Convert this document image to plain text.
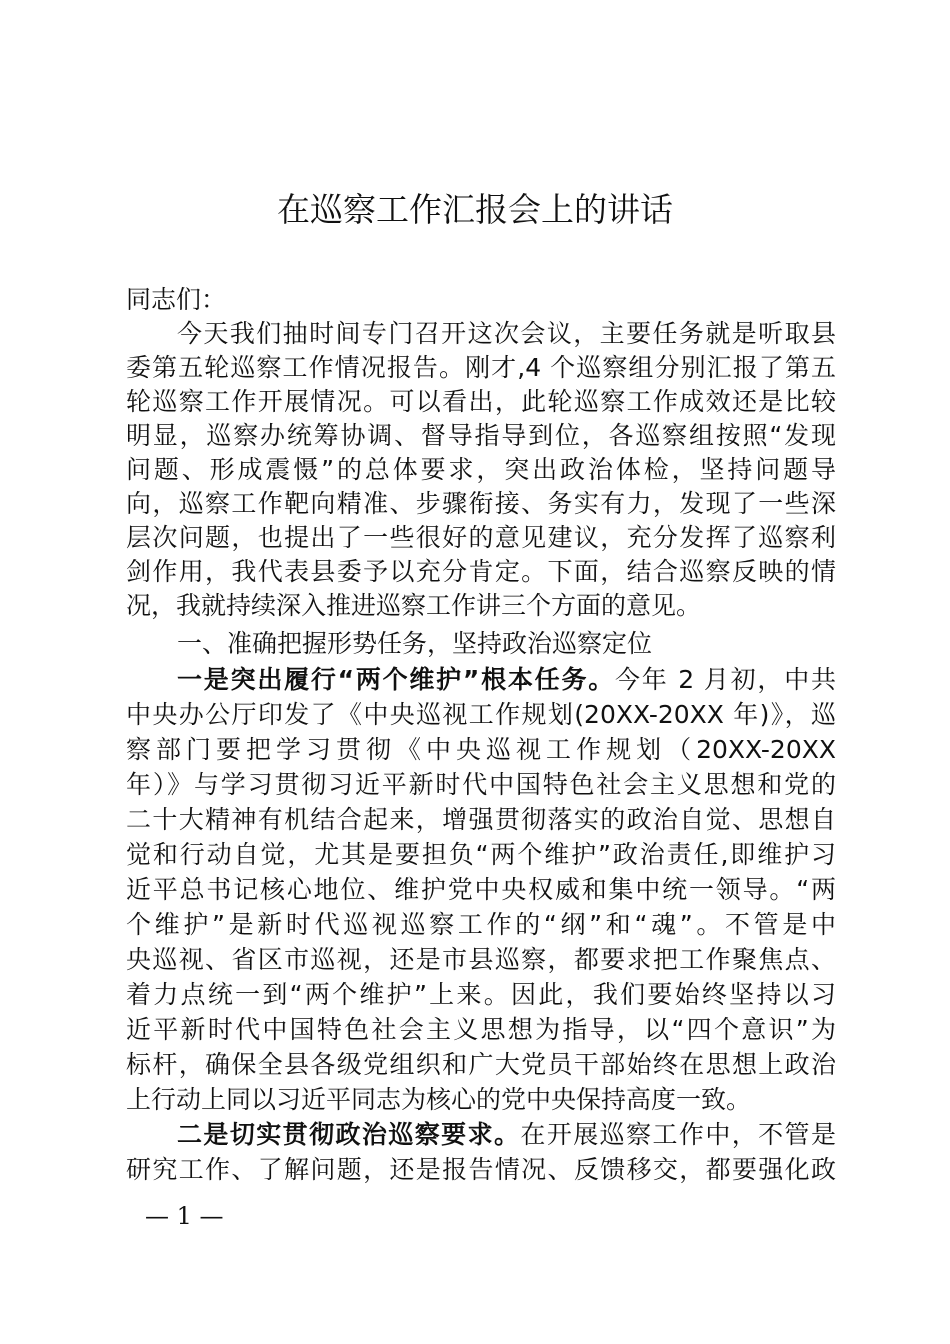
在巡察工作汇报会上的讲话
同志们：
今天我们抽时间专门召开这次会议，主要任务就是听取县
委第五轮巡察工作情况报告。刚才,4 个巡察组分别汇报了第五
轮巡察工作开展情况。可以看出，此轮巡察工作成效还是比较
明显，巡察办统筹协调、督导指导到位，各巡察组按照“发现
问题、形成震慑”的总体要求，突出政治体检，坚持问题导
向，巡察工作靶向精准、步骤衔接、务实有力，发现了一些深
层次问题，也提出了一些很好的意见建议，充分发挥了巡察利
剑作用，我代表县委予以充分肯定。下面，结合巡察反映的情
况，我就持续深入推进巡察工作讲三个方面的意见。
一、准确把握形势任务，坚持政治巡察定位
一是突出履行“两个维护”根本任务。今年 2 月初，中共
中央办公厅印发了《中央巡视工作规划(20XX-20XX 年)》，巡
察部门要把学习贯彻《中央巡视工作规划（20XX-20XX
年）》与学习贯彻习近平新时代中国特色社会主义思想和党的
二十大精神有机结合起来，增强贯彻落实的政治自觉、思想自
觉和行动自觉，尤其是要担负“两个维护”政治责任,即维护习
近平总书记核心地位、维护党中央权威和集中统一领导。“两
个维护”是新时代巡视巡察工作的“纲”和“魂”。不管是中
央巡视、省区市巡视，还是市县巡察，都要求把工作聚焦点、
着力点统一到“两个维护”上来。因此，我们要始终坚持以习
近平新时代中国特色社会主义思想为指导，以“四个意识”为
标杆，确保全县各级党组织和广大党员干部始终在思想上政治
上行动上同以习近平同志为核心的党中央保持高度一致。
二是切实贯彻政治巡察要求。在开展巡察工作中，不管是
研究工作、了解问题，还是报告情况、反馈移交，都要强化政
— 1 —
